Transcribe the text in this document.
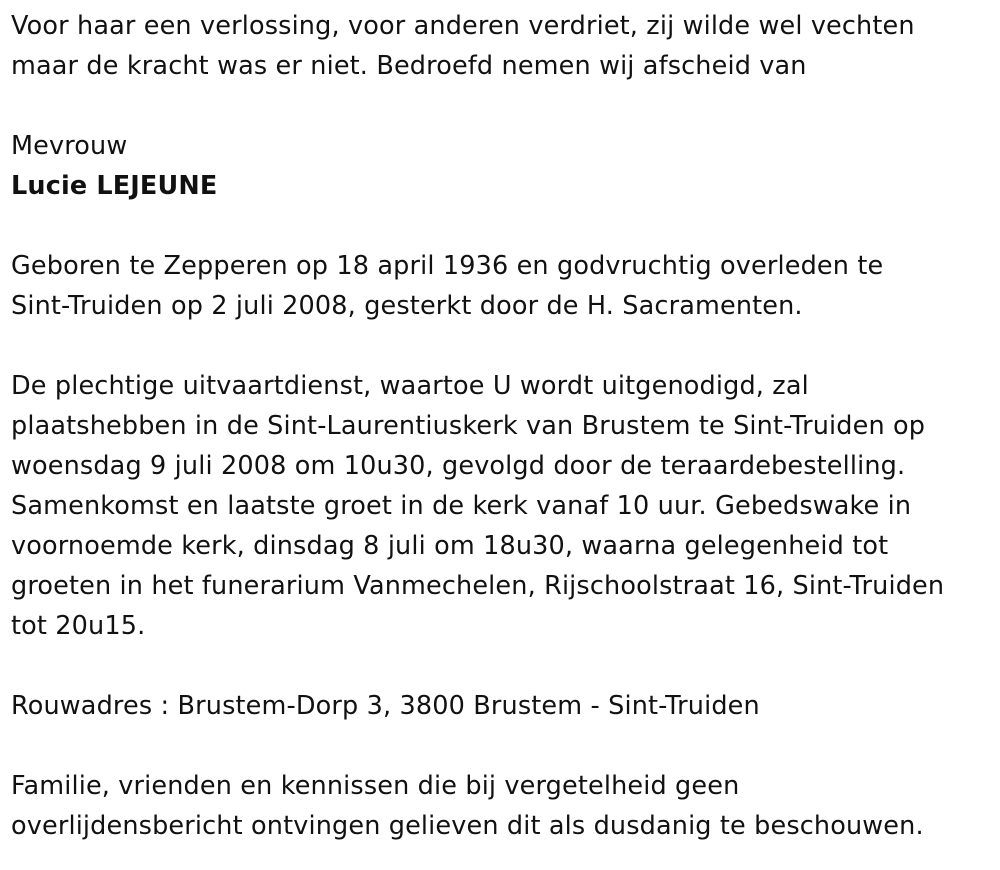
Voor haar een verlossing, voor anderen verdriet, zij wilde wel vechten
maar de kracht was er niet. Bedroefd nemen wij afscheid van

Mevrouw

Lucie LEJEUNE

Geboren te Zepperen op 18 april 1936 en godvruchtig overleden te
Sint-Truiden op 2 juli 2008, gesterkt door de H. Sacramenten.

De plechtige uitvaartdienst, waartoe U wordt uitgenodigd, zal
plaatshebben in de Sint-Laurentiuskerk van Brustem te Sint-Truiden op
woensdag 9 juli 2008 om 10u30, gevolgd door de teraardebestelling.
Samenkomst en laatste groet in de kerk vanaf 10 uur. Gebedswake in
voornoemde kerk, dinsdag 8 juli om 18u30, waarna gelegenheid tot
groeten in het funerarium Vanmechelen, Rijschoolstraat 16, Sint-Truiden
tot 20u15.

Rouwadres : Brustem-Dorp 3, 3800 Brustem - Sint-Truiden

Familie, vrienden en kennissen die bij vergetelheid geen
overlijdensbericht ontvingen gelieven dit als dusdanig te beschouwen.
